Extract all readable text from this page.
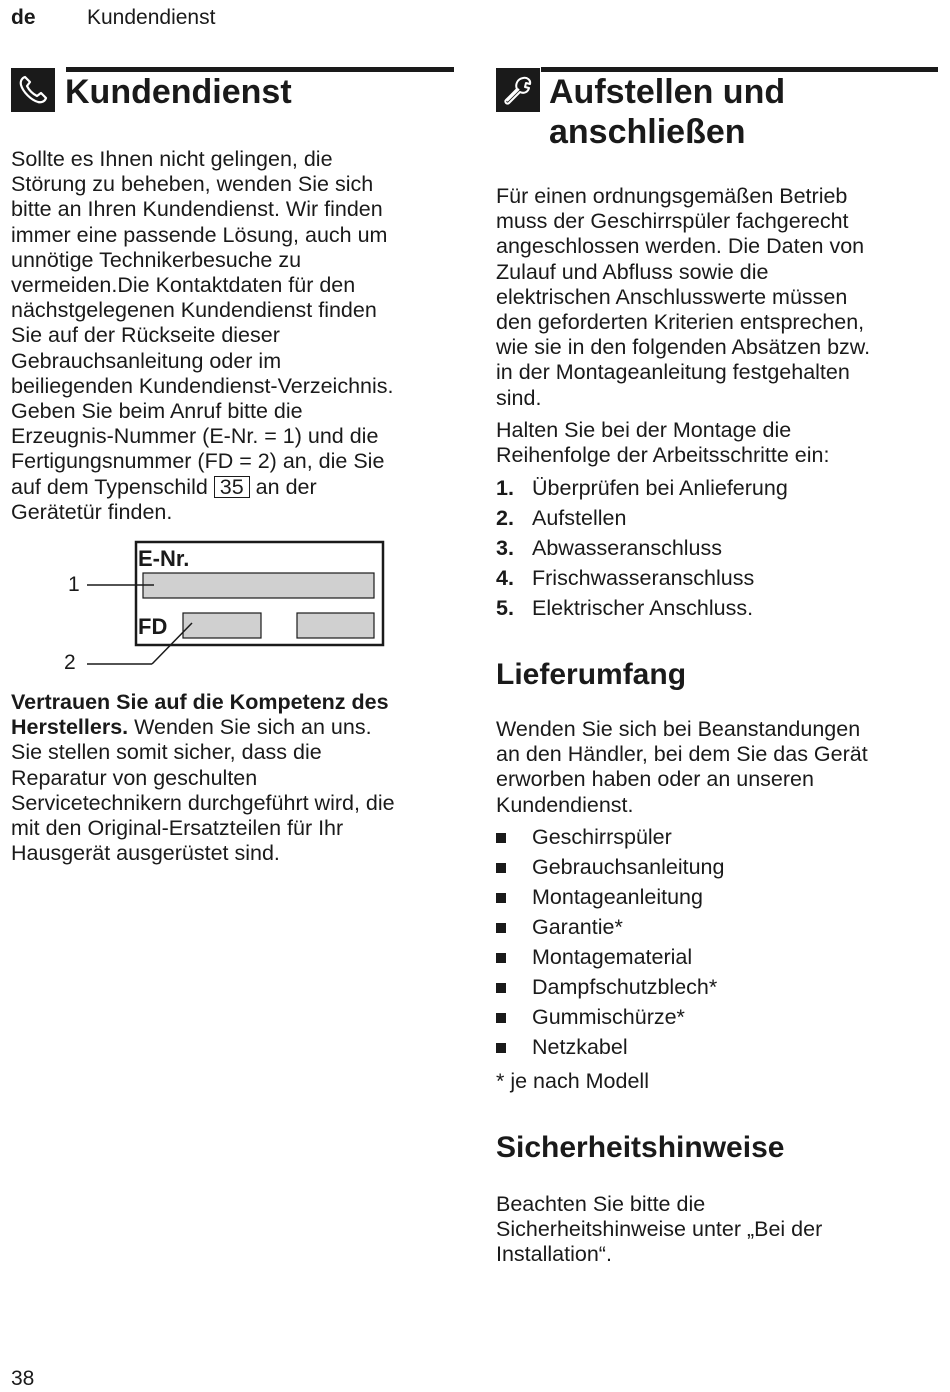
de Kundendienst
Kundendienst
Sollte es Ihnen nicht gelingen, die
Störung zu beheben, wenden Sie sich
bitte an Ihren Kundendienst. Wir finden
immer eine passende Lösung, auch um
unnötige Technikerbesuche zu
vermeiden.Die Kontaktdaten für den
nächstgelegenen Kundendienst finden
Sie auf der Rückseite dieser
Gebrauchsanleitung oder im
beiliegenden Kundendienst-Verzeichnis.
Geben Sie beim Anruf bitte die
Erzeugnis-Nummer (E-Nr. = 1) und die
Fertigungsnummer (FD = 2) an, die Sie
auf dem Typenschild 35 an der
Gerätetür finden.
E-Nr.
FD
1
2
Vertrauen Sie auf die Kompetenz des
Herstellers. Wenden Sie sich an uns.
Sie stellen somit sicher, dass die
Reparatur von geschulten
Servicetechnikern durchgeführt wird, die
mit den Original-Ersatzteilen für Ihr
Hausgerät ausgerüstet sind.
Aufstellen und
anschließen
Für einen ordnungsgemäßen Betrieb
muss der Geschirrspüler fachgerecht
angeschlossen werden. Die Daten von
Zulauf und Abfluss sowie die
elektrischen Anschlusswerte müssen
den geforderten Kriterien entsprechen,
wie sie in den folgenden Absätzen bzw.
in der Montageanleitung festgehalten
sind.
Halten Sie bei der Montage die
Reihenfolge der Arbeitsschritte ein:
1. Überprüfen bei Anlieferung
2. Aufstellen
3. Abwasseranschluss
4. Frischwasseranschluss
5. Elektrischer Anschluss.
Lieferumfang
Wenden Sie sich bei Beanstandungen
an den Händler, bei dem Sie das Gerät
erworben haben oder an unseren
Kundendienst.
Geschirrspüler
Gebrauchsanleitung
Montageanleitung
Garantie*
Montagematerial
Dampfschutzblech*
Gummischürze*
Netzkabel
* je nach Modell
Sicherheitshinweise
Beachten Sie bitte die
Sicherheitshinweise unter „Bei der
Installation“.
38
